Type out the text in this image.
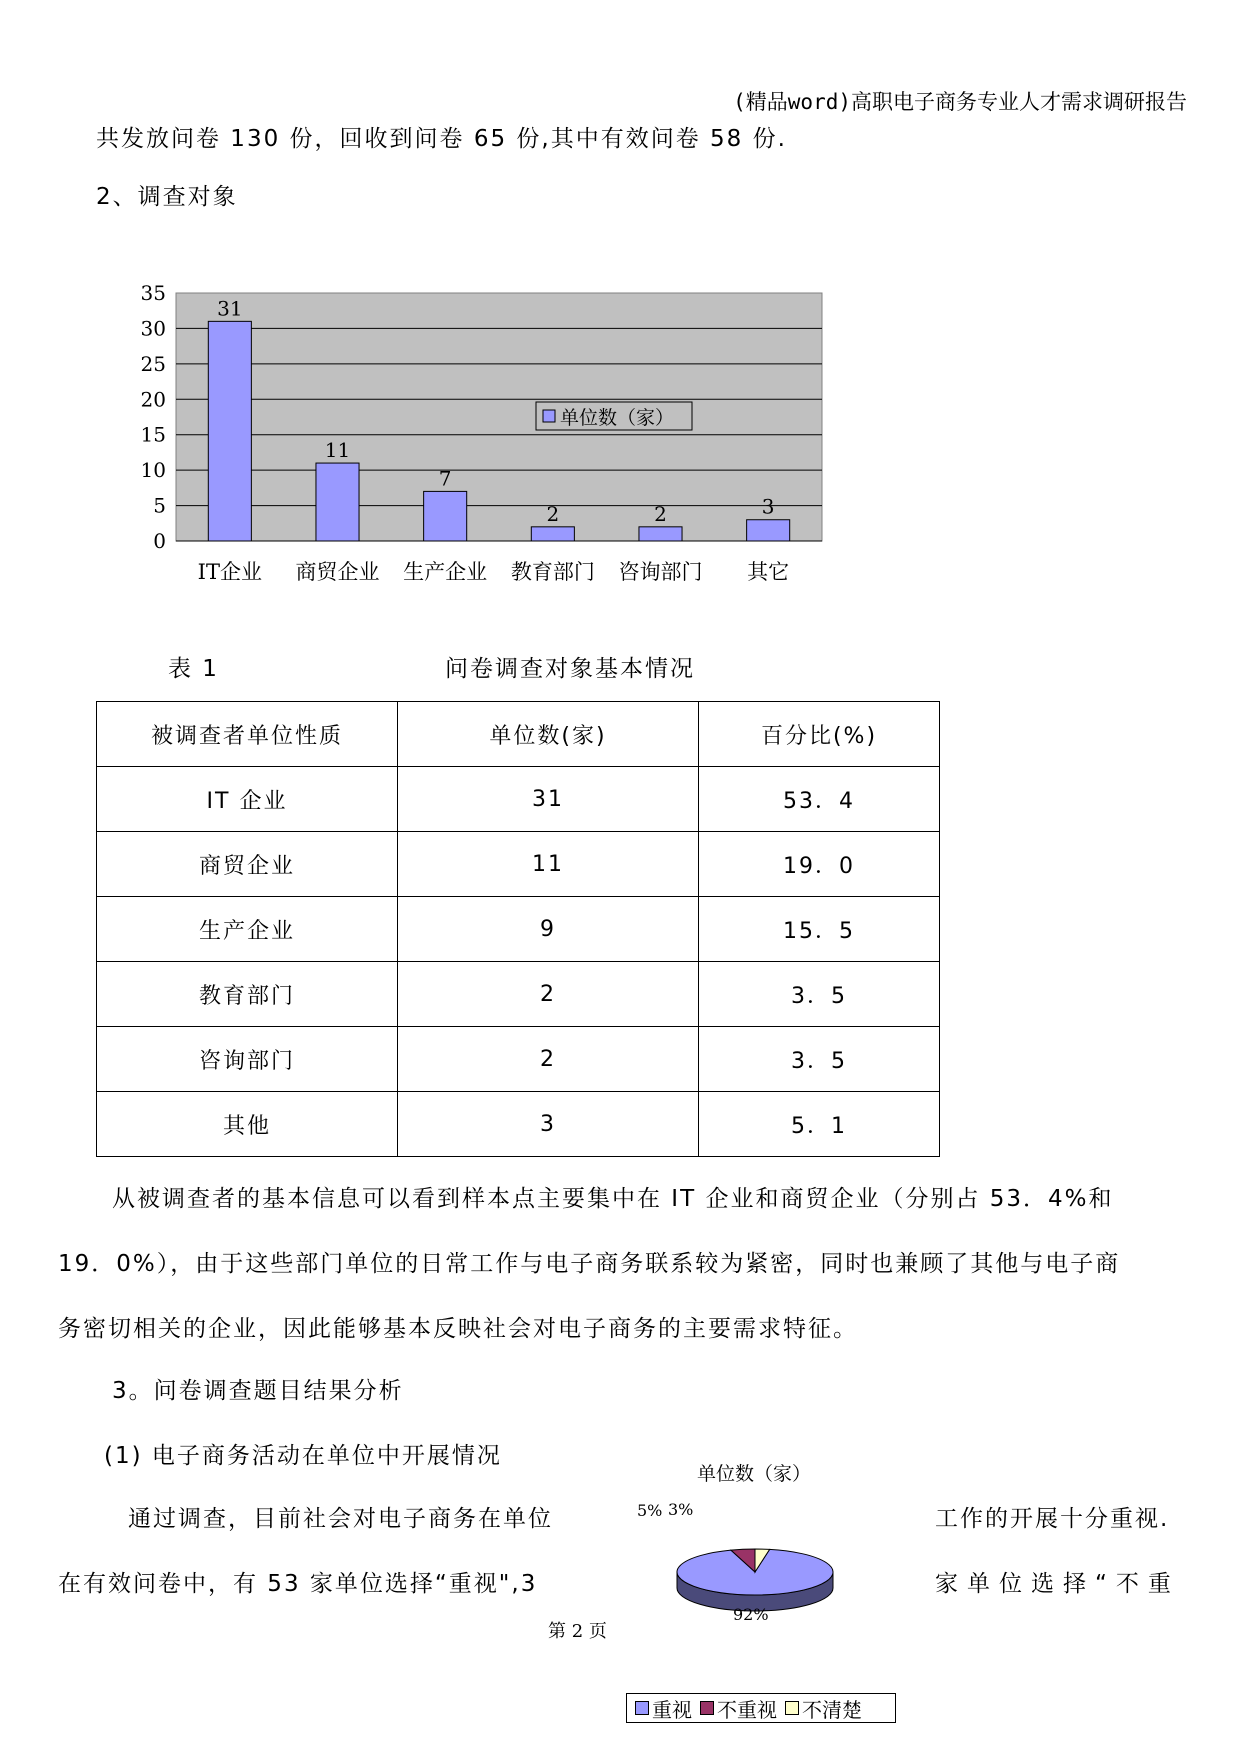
(精品word)高职电子商务专业人才需求调研报告
共发放问卷 130 份，回收到问卷 65 份,其中有效问卷 58 份.
2、调查对象
0
5
10
15
20
25
30
35
31
11
7
2	2	3
IT企业 商贸企业 生产企业 教育部门 咨询部门 其它
单位数（家）
表 1	问卷调查对象基本情况
被调查者单位性质	单位数(家)	百分比(%)
IT 企业	31	53．4
商贸企业	11	19．0
生产企业	9	15．5
教育部门	2	3．5
咨询部门	2	3．5
其他	3	5．1
从被调查者的基本信息可以看到样本点主要集中在 IT 企业和商贸企业（分别占 53．4%和
19．0%），由于这些部门单位的日常工作与电子商务联系较为紧密，同时也兼顾了其他与电子商
务密切相关的企业，因此能够基本反映社会对电子商务的主要需求特征。
3。问卷调查题目结果分析
(1) 电子商务活动在单位中开展情况
通过调查，目前社会对电子商务在单位	工作的开展十分重视.
在有效问卷中，有 53 家单位选择“重视",3	家单位选择“不重
单位数（家）
92%
5% 3%
第 2 页
重视 不重视 不清楚
